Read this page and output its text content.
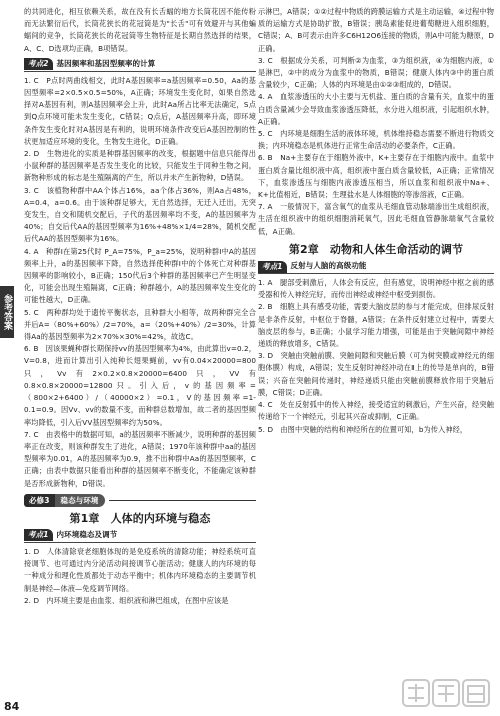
参考答案

的共同进化，相互依赖关系，故在没有长舌蝠的地方长筒花因不能传粉而无法繁衍后代，长筒花狭长的花冠筒是为"长舌"可有效避开与其他蝙蝠间的竞争，长筒花狭长的花冠筒等生物特征是长期自然选择的结果，A、C、D选项均正确，B项错误。

考点2	基因频率和基因型频率的计算

1. C　P点时两曲线相交，此时A基因频率=a基因频率=0.50，Aa的基因型频率=2×0.5×0.5=50%，A正确；环境发生变化时，如果自然选择对A基因有利，则A基因频率会上升，此时Aa所占比率无法确定，S点到Q点环境可能未发生变化，C错误；Q点后，A基因频率升高，即环境条件发生变化时对A基因是有利的，说明环境条件改变后A基因控制的性状更加适应环境的变化，生物发生进化，D正确。

2. D　生物进化的实质是种群基因频率的改变，根据题中信息只能得出小鼠种群的基因频率是否发生变化的比较，只能发生于同种生物之间，新物种形成的标志是生殖隔离的产生，所以并未产生新物种，D错误。

3. C　该植物种群中AA个体占16%，aa个体占36%，则Aa占48%，A=0.4，a=0.6。由于该种群足够大，无自然选择，无迁入迁出，无突变发生，自交和随机交配后，子代的基因频率均不变，A的基因频率为40%；自交后代AA的基因型频率为16%+48%×1/4=28%，随机交配后代AA的基因型频率为16%。

4. A　种群Ⅰ在第25代时 P_A=75%，P_a=25%，说明种群Ⅰ中A的基因频率上升，a的基因频率下降，自然选择使种群Ⅰ中的个体死亡对种群基因频率的影响较小，B正确；150代后3个种群的基因频率已产生明显变化，可能会出现生殖隔离，C正确；种群越小，A的基因频率发生变化的可能性越大，D正确。

5. C　两种群均处于遗传平衡状态，且种群大小相等，故两种群完全合并后A=（80%+60%）/2=70%，a=（20%+40%）/2=30%，计算得Aa的基因型频率为2×70%×30%=42%，故选C。

6. B　因该果蝇种群长期保持vv的基因型频率为4%，由此算出v=0.2，V=0.8，进而计算出引入纯种长翅果蝇前，vv有0.04×20000=800只，Vv有2×0.2×0.8×20000=6400只，VV有0.8×0.8×20000=12800只。引入后，v的基因频率=（800×2+6400）/（40000×2）=0.1，V的基因频率=1-0.1=0.9。因Vv、vv的数量不变，而种群总数增加，故二者的基因型频率均降低，引入后VV基因型频率约为50%。

7. C　由表格中的数据可知，a的基因频率不断减少，说明种群的基因频率正在改变，则该种群发生了进化，A错误；1970年该种群中aa的基因型频率为0.01，A的基因频率为0.9，推不出种群中Aa的基因型频率，C正确；由表中数据只能看出种群的基因频率不断变化，不能确定该种群是否形成新物种，D错误。

必修3	稳态与环境
第1章　人体的内环境与稳态
考点1	内环境稳态及调节

1. D　人体清除衰老细胞体现的是免疫系统的清除功能；神经系统可直接调节、也可通过内分泌活动间接调节心脏活动；健康人的内环境的每一种成分和理化性质都处于动态平衡中；机体内环境稳态的主要调节机制是神经—体液—免疫调节网络。

2. D　内环境主要是由血浆、组织液和淋巴组成，在图中应该是

示淋巴，A错误；①②过程中物质的跨膜运输方式是主动运输，④过程中物质的运输方式是协助扩散，B错误；胰岛素能促进葡萄糖进入组织细胞，C错误；A、B可表示由许多C6H12O6连接的物质，则A中可能为糖原，D正确。

3. C　根据成分关系，可判断②为血浆，③为组织液，④为细胞内液，①是淋巴，②中的成分为血浆中的物质，B错误；健康人体内③中的蛋白质含量较少，C正确；人体的内环境是由①②③组成的，D错误。

4. A　血浆渗透压的大小主要与无机盐、蛋白质的含量有关，血浆中的蛋白质含量减少会导致血浆渗透压降低，水分进入组织液，引起组织水肿，A正确。

5. C　内环境是细胞生活的液体环境，机体维持稳态需要不断进行物质交换；内环境稳态是机体进行正常生命活动的必要条件，C正确。

6. B　Na+主要存在于细胞外液中，K+主要存在于细胞内液中。血浆中蛋白质含量比组织液中高，组织液中蛋白质含量较低，A正确；正常情况下，血浆渗透压与细胞内液渗透压相当，所以血浆和组织液中Na+、K+比值相近，B错误；生理盐水是人体细胞的等渗溶液，C正确。

7. A　一般情况下，富含氧气的血浆从毛细血管动脉端渗出生成组织液，生活在组织液中的组织细胞消耗氧气，因此毛细血管静脉端氧气含量较低，A正确。

第2章　动物和人体生命活动的调节
考点1	反射与人脑的高级功能

1. A　腿部受刺激后，人体会有反应，但有感觉，说明神经中枢之前的感受器和传入神经完好，而传出神经或神经中枢受到损伤。

2. B　细胞上具有感受功能，需要大脑皮层的参与才能完成，但排尿反射是非条件反射，中枢位于脊髓，A错误；在条件反射建立过程中，需要大脑皮层的参与，B正确；小鼠学习能力增强，可能是由于突触间隙中神经递质的释放增多，C错误。

3. D　突触由突触前膜、突触间隙和突触后膜（可为树突膜或神经元的细胞体膜）构成，A错误；发生反射时神经冲动在Ⅱ上的传导是单向的，B错误；兴奋在突触间传递时，神经递质只能由突触前膜释放作用于突触后膜，C错误；D正确。

4. C　处在反射弧中的传入神经，接受适宜的刺激后，产生兴奋，经突触传递给下一个神经元，引起其兴奋或抑制，C正确。

5. D　由图中突触的结构和神经所在的位置可知，b为传入神经，

84
